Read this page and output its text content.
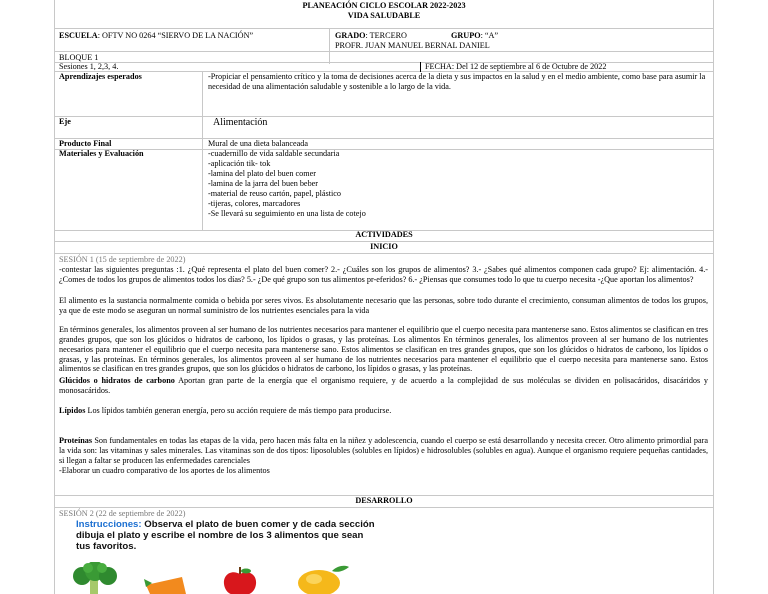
PLANEACIÓN CICLO ESCOLAR 2022-2023
VIDA SALUDABLE
ESCUELA: OFTV NO 0264 “SIERVO DE LA NACIÓN”	GRADO: TERCERO	GRUPO: “A”
PROFR. JUAN MANUEL BERNAL DANIEL
BLOQUE 1
Sesiones 1, 2,3, 4.	FECHA: Del 12 de septiembre al 6 de Octubre de 2022
Aprendizajes esperados	-Propiciar el pensamiento crítico y la toma de decisiones acerca de la dieta y sus impactos en la salud y en el medio ambiente, como base para asumir la necesidad de una alimentación saludable y sostenible a lo largo de la vida.
Eje	Alimentación
Producto Final	Mural de una dieta balanceada
Materiales y Evaluación	-cuadernillo de vida saldable secundaria
-aplicación tik- tok
-lamina del plato del buen comer
-lamina de la jarra del buen beber
-material de reuso cartón, papel, plástico
-tijeras, colores, marcadores
-Se llevará su seguimiento en una lista de cotejo
ACTIVIDADES
INICIO
SESIÓN 1 (15 de septiembre de 2022)
-contestar las siguientes preguntas :1. ¿Qué representa el plato del buen comer? 2.- ¿Cuáles son los grupos de alimentos? 3.- ¿Sabes qué alimentos componen cada grupo? Ej: alimentación. 4.- ¿Comes de todos los grupos de alimentos todos los días? 5.- ¿De qué grupo son tus alimentos pr-eferidos? 6.- ¿Piensas que consumes todo lo que tu cuerpo necesita -¿Que aportan los alimentos?
El alimento es la sustancia normalmente comida o bebida por seres vivos. Es absolutamente necesario que las personas, sobre todo durante el crecimiento, consuman alimentos de todos los grupos, ya que de este modo se aseguran un normal suministro de los nutrientes esenciales para la vida
En términos generales, los alimentos proveen al ser humano de los nutrientes necesarios para mantener el equilibrio que el cuerpo necesita para mantenerse sano. Estos alimentos se clasifican en tres grandes grupos, que son los glúcidos o hidratos de carbono, los lípidos o grasas, y las proteínas. Los alimentos En términos generales, los alimentos proveen al ser humano de los nutrientes necesarios para mantener el equilibrio que el cuerpo necesita para mantenerse sano. Estos alimentos se clasifican en tres grandes grupos, que son los glúcidos o hidratos de carbono, los lípidos o grasas, y las proteínas. En términos generales, los alimentos proveen al ser humano de los nutrientes necesarios para mantener el equilibrio que el cuerpo necesita para mantenerse sano. Estos alimentos se clasifican en tres grandes grupos, que son los glúcidos o hidratos de carbono, los lípidos o grasas, y las proteínas.
Glúcidos o hidratos de carbono Aportan gran parte de la energía que el organismo requiere, y de acuerdo a la complejidad de sus moléculas se dividen en polisacáridos, disacáridos y monosacáridos.
Lípidos Los lípidos también generan energía, pero su acción requiere de más tiempo para producirse.
Proteínas Son fundamentales en todas las etapas de la vida, pero hacen más falta en la niñez y adolescencia, cuando el cuerpo se está desarrollando y necesita crecer. Otro alimento primordial para la vida son: las vitaminas y sales minerales. Las vitaminas son de dos tipos: liposolubles (solubles en lípidos) e hidrosolubles (solubles en agua). Aunque el organismo requiere pequeñas cantidades, si llegan a faltar se producen las enfermedades carenciales
-Elaborar un cuadro comparativo de los aportes de los alimentos
DESARROLLO
SESIÓN 2 (22 de septiembre de 2022)
Instrucciones: Observa el plato de buen comer y de cada sección dibuja el plato y escribe el nombre de los 3 alimentos que sean tus favoritos.
